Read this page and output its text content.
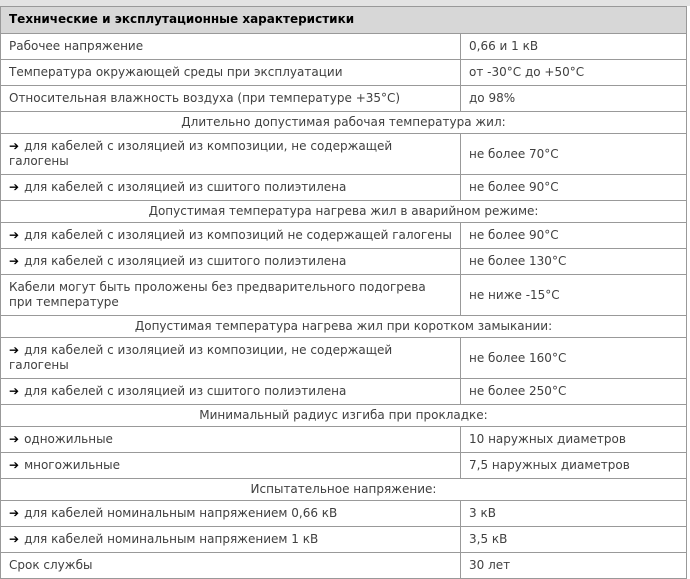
Технические и эксплутационные характеристики	
Рабочее напряжение	0,66 и 1 кВ
Температура окружающей среды при эксплуатации	от -30°С до +50°С
Относительная влажность воздуха (при температуре +35°С)	до 98%
Длительно допустимая рабочая температура жил:	
➔ для кабелей с изоляцией из композиции, не содержащей галогены	не более 70°С
➔ для кабелей с изоляцией из сшитого полиэтилена	не более 90°С
Допустимая температура нагрева жил в аварийном режиме:	
➔ для кабелей с изоляцией из композиций не содержащей галогены	не более 90°С
➔ для кабелей с изоляцией из сшитого полиэтилена	не более 130°С
Кабели могут быть проложены без предварительного подогрева при температуре	не ниже -15°С
Допустимая температура нагрева жил при коротком замыкании:	
➔ для кабелей с изоляцией из композиции, не содержащей галогены	не более 160°С
➔ для кабелей с изоляцией из сшитого полиэтилена	не более 250°С
Минимальный радиус изгиба при прокладке:	
➔ одножильные	10 наружных диаметров
➔ многожильные	7,5 наружных диаметров
Испытательное напряжение:	
➔ для кабелей номинальным напряжением 0,66 кВ	3 кВ
➔ для кабелей номинальным напряжением 1 кВ	3,5 кВ
Срок службы	30 лет
